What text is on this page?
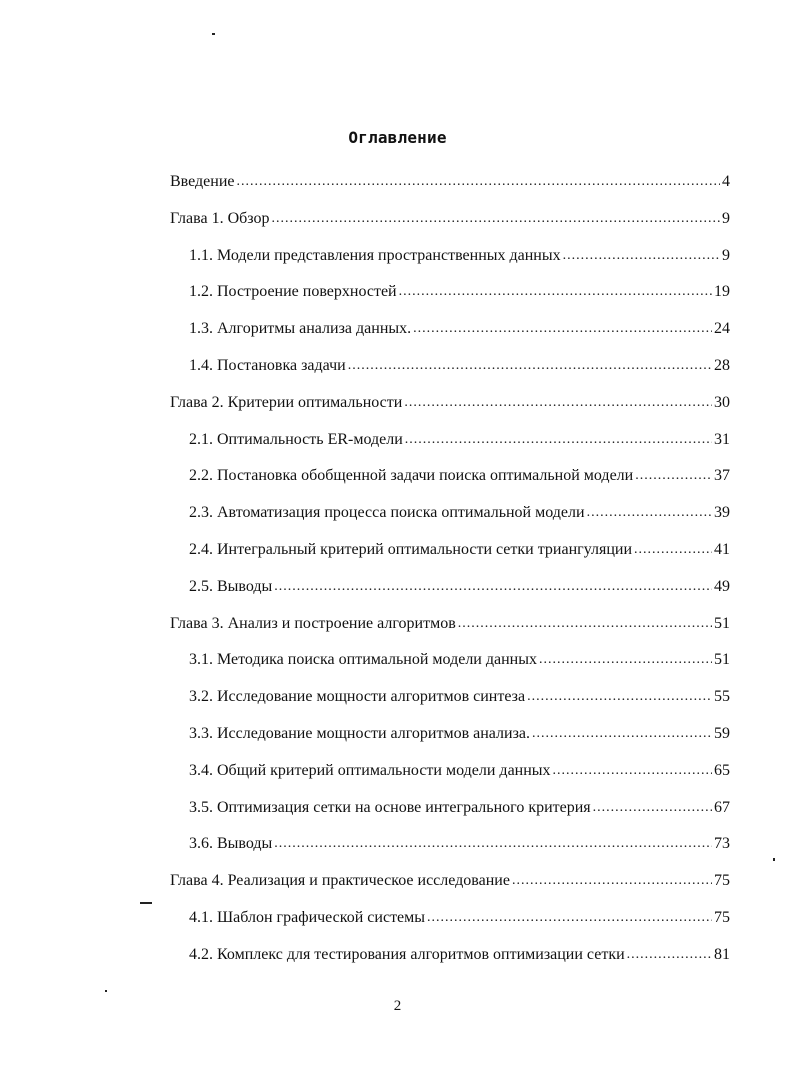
Оглавление
Введение .....	4
Глава 1. Обзор .....	9
1.1. Модели представления пространственных данных .....	9
1.2. Построение поверхностей .....	19
1.3. Алгоритмы анализа данных. .....	24
1.4. Постановка задачи .....	28
Глава 2. Критерии оптимальности .....	30
2.1. Оптимальность ER-модели .....	31
2.2. Постановка обобщенной задачи поиска оптимальной модели .....	37
2.3. Автоматизация процесса поиска оптимальной модели .....	39
2.4. Интегральный критерий оптимальности сетки триангуляции .....	41
2.5. Выводы .....	49
Глава 3. Анализ и построение алгоритмов .....	51
3.1. Методика поиска оптимальной модели данных .....	51
3.2. Исследование мощности алгоритмов синтеза .....	55
3.3. Исследование мощности алгоритмов анализа. .....	59
3.4. Общий критерий оптимальности модели данных .....	65
3.5. Оптимизация сетки на основе интегрального критерия .....	67
3.6. Выводы .....	73
Глава 4. Реализация и практическое исследование .....	75
4.1. Шаблон графической системы .....	75
4.2. Комплекс для тестирования алгоритмов оптимизации сетки .....	81
2
